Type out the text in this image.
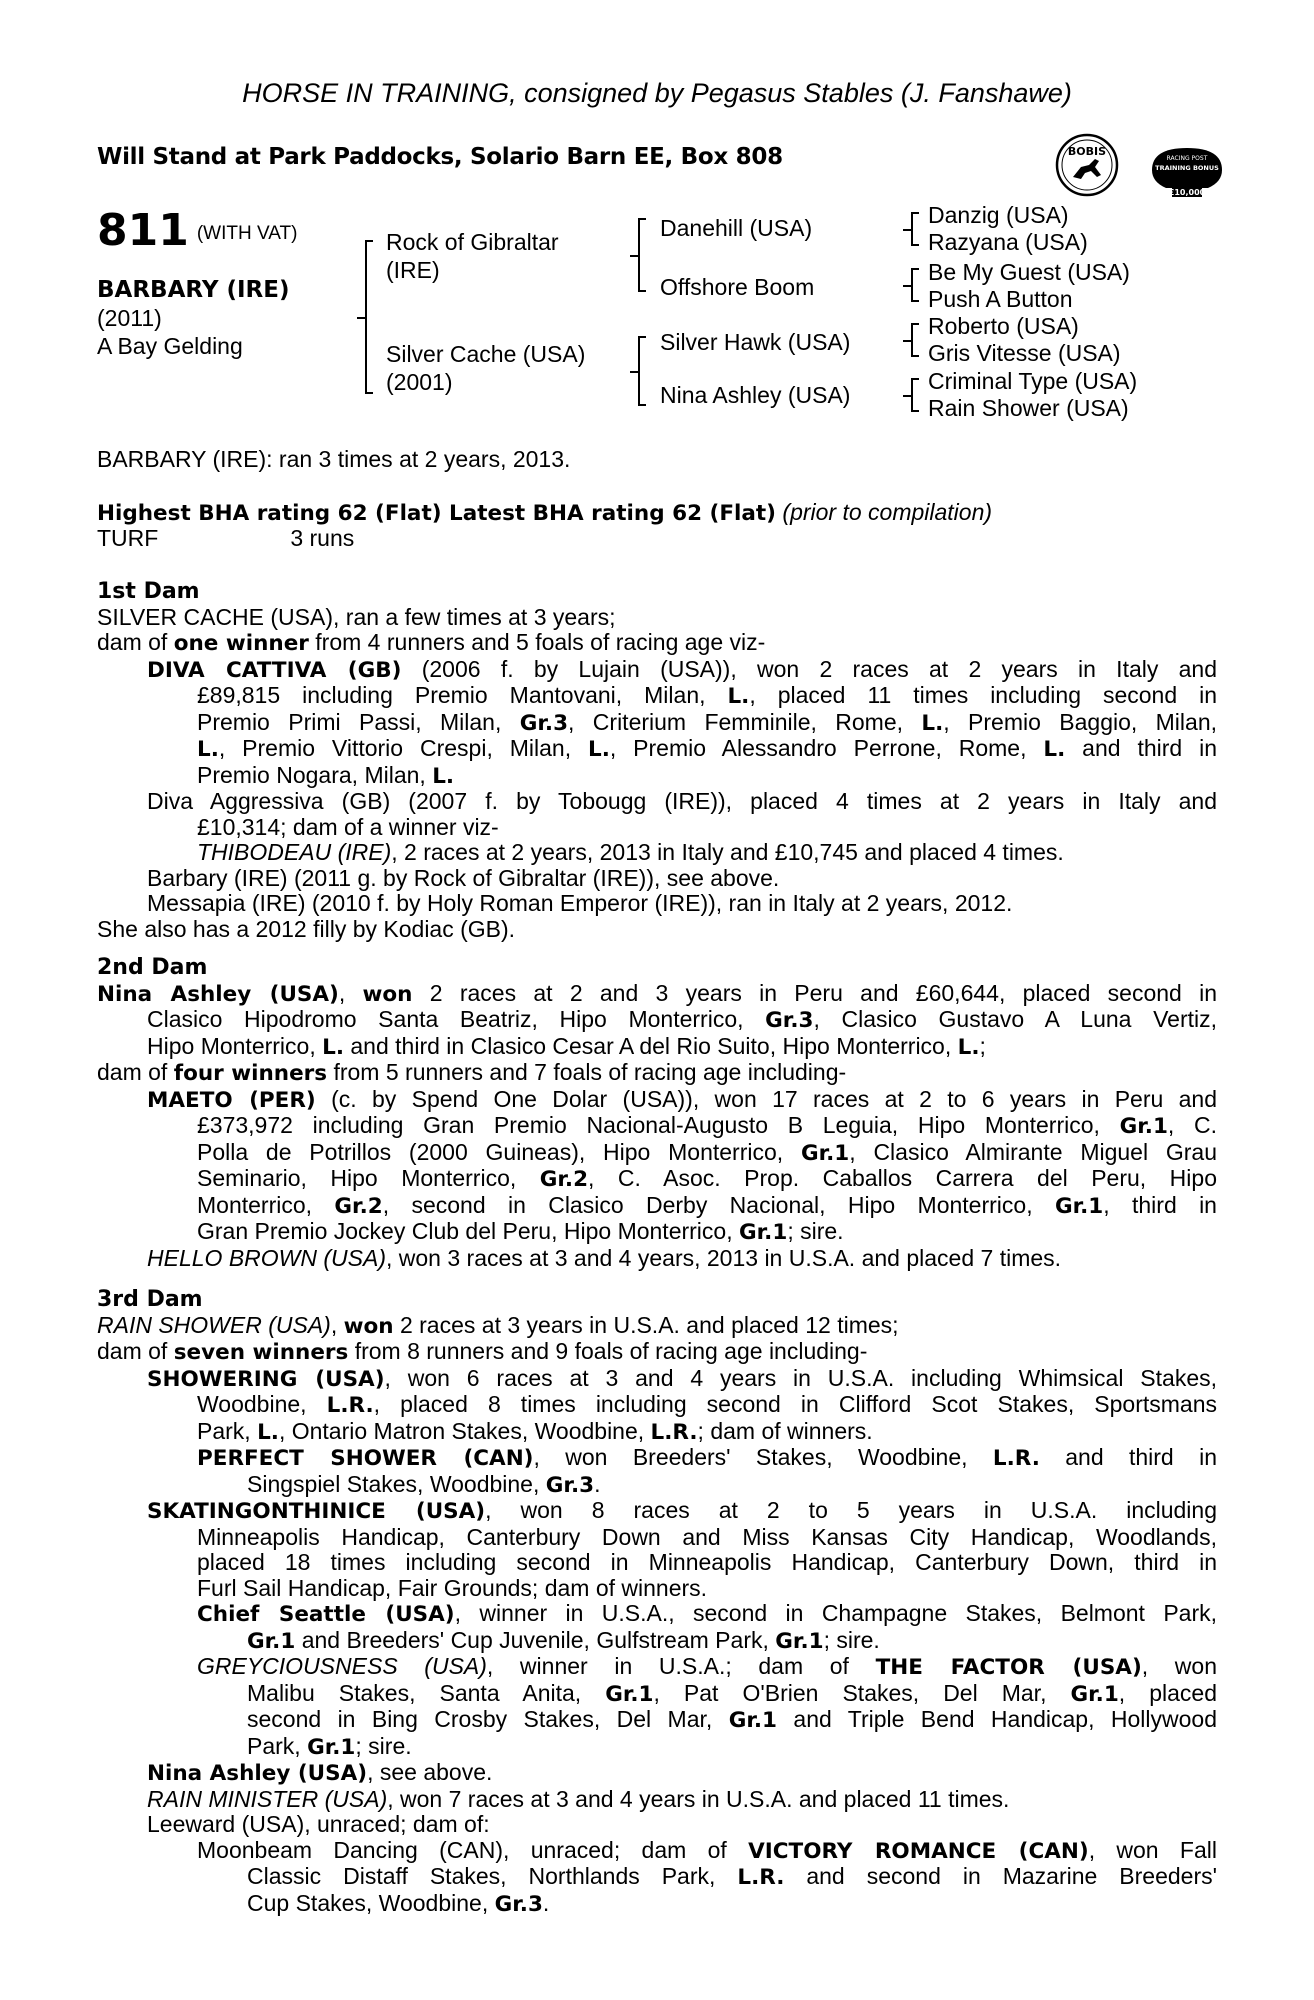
HORSE IN TRAINING, consigned by Pegasus Stables (J. Fanshawe)
Will Stand at Park Paddocks, Solario Barn EE, Box 808	BOBIS
RACING POST
TRAINING BONUS
£10,000
811 (WITH VAT)
BARBARY (IRE)
(2011)
A Bay Gelding
Rock of Gibraltar
(IRE)
Silver Cache (USA)
(2001)
Danehill (USA)
Offshore Boom
Silver Hawk (USA)
Nina Ashley (USA)
Danzig (USA)
Razyana (USA)
Be My Guest (USA)
Push A Button
Roberto (USA)
Gris Vitesse (USA)
Criminal Type (USA)
Rain Shower (USA)
BARBARY (IRE): ran 3 times at 2 years, 2013.
Highest BHA rating 62 (Flat) Latest BHA rating 62 (Flat) (prior to compilation)
TURF	3 runs
1st Dam
SILVER CACHE (USA), ran a few times at 3 years;
dam of one winner from 4 runners and 5 foals of racing age viz-
DIVA CATTIVA (GB) (2006 f. by Lujain (USA)), won 2 races at 2 years in Italy and
£89,815 including Premio Mantovani, Milan, L., placed 11 times including second in
Premio Primi Passi, Milan, Gr.3, Criterium Femminile, Rome, L., Premio Baggio, Milan,
L., Premio Vittorio Crespi, Milan, L., Premio Alessandro Perrone, Rome, L. and third in
Premio Nogara, Milan, L.
Diva Aggressiva (GB) (2007 f. by Tobougg (IRE)), placed 4 times at 2 years in Italy and
£10,314; dam of a winner viz-
THIBODEAU (IRE), 2 races at 2 years, 2013 in Italy and £10,745 and placed 4 times.
Barbary (IRE) (2011 g. by Rock of Gibraltar (IRE)), see above.
Messapia (IRE) (2010 f. by Holy Roman Emperor (IRE)), ran in Italy at 2 years, 2012.
She also has a 2012 filly by Kodiac (GB).
2nd Dam
Nina Ashley (USA), won 2 races at 2 and 3 years in Peru and £60,644, placed second in
Clasico Hipodromo Santa Beatriz, Hipo Monterrico, Gr.3, Clasico Gustavo A Luna Vertiz,
Hipo Monterrico, L. and third in Clasico Cesar A del Rio Suito, Hipo Monterrico, L.;
dam of four winners from 5 runners and 7 foals of racing age including-
MAETO (PER) (c. by Spend One Dolar (USA)), won 17 races at 2 to 6 years in Peru and
£373,972 including Gran Premio Nacional-Augusto B Leguia, Hipo Monterrico, Gr.1, C.
Polla de Potrillos (2000 Guineas), Hipo Monterrico, Gr.1, Clasico Almirante Miguel Grau
Seminario, Hipo Monterrico, Gr.2, C. Asoc. Prop. Caballos Carrera del Peru, Hipo
Monterrico, Gr.2, second in Clasico Derby Nacional, Hipo Monterrico, Gr.1, third in
Gran Premio Jockey Club del Peru, Hipo Monterrico, Gr.1; sire.
HELLO BROWN (USA), won 3 races at 3 and 4 years, 2013 in U.S.A. and placed 7 times.
3rd Dam
RAIN SHOWER (USA), won 2 races at 3 years in U.S.A. and placed 12 times;
dam of seven winners from 8 runners and 9 foals of racing age including-
SHOWERING (USA), won 6 races at 3 and 4 years in U.S.A. including Whimsical Stakes,
Woodbine, L.R., placed 8 times including second in Clifford Scot Stakes, Sportsmans
Park, L., Ontario Matron Stakes, Woodbine, L.R.; dam of winners.
PERFECT SHOWER (CAN), won Breeders' Stakes, Woodbine, L.R. and third in
Singspiel Stakes, Woodbine, Gr.3.
SKATINGONTHINICE (USA), won 8 races at 2 to 5 years in U.S.A. including
Minneapolis Handicap, Canterbury Down and Miss Kansas City Handicap, Woodlands,
placed 18 times including second in Minneapolis Handicap, Canterbury Down, third in
Furl Sail Handicap, Fair Grounds; dam of winners.
Chief Seattle (USA), winner in U.S.A., second in Champagne Stakes, Belmont Park,
Gr.1 and Breeders' Cup Juvenile, Gulfstream Park, Gr.1; sire.
GREYCIOUSNESS (USA), winner in U.S.A.; dam of THE FACTOR (USA), won
Malibu Stakes, Santa Anita, Gr.1, Pat O'Brien Stakes, Del Mar, Gr.1, placed
second in Bing Crosby Stakes, Del Mar, Gr.1 and Triple Bend Handicap, Hollywood
Park, Gr.1; sire.
Nina Ashley (USA), see above.
RAIN MINISTER (USA), won 7 races at 3 and 4 years in U.S.A. and placed 11 times.
Leeward (USA), unraced; dam of:
Moonbeam Dancing (CAN), unraced; dam of VICTORY ROMANCE (CAN), won Fall
Classic Distaff Stakes, Northlands Park, L.R. and second in Mazarine Breeders'
Cup Stakes, Woodbine, Gr.3.
